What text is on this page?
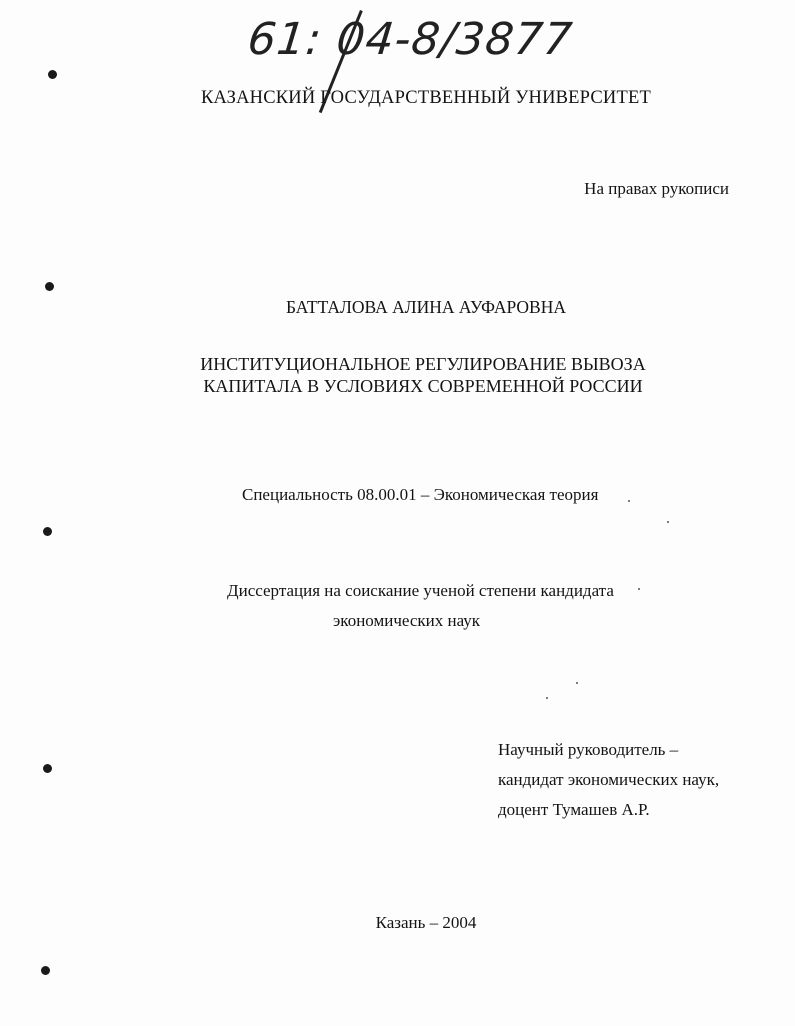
61: 04-8/3877
КАЗАНСКИЙ ГОСУДАРСТВЕННЫЙ УНИВЕРСИТЕТ
На правах рукописи
БАТТАЛОВА АЛИНА АУФАРОВНА
ИНСТИТУЦИОНАЛЬНОЕ РЕГУЛИРОВАНИЕ ВЫВОЗА
КАПИТАЛА В УСЛОВИЯХ СОВРЕМЕННОЙ РОССИИ
Специальность 08.00.01 – Экономическая теория
Диссертация на соискание ученой степени кандидата
экономических наук
Научный руководитель –
кандидат экономических наук,
доцент Тумашев А.Р.
Казань – 2004
